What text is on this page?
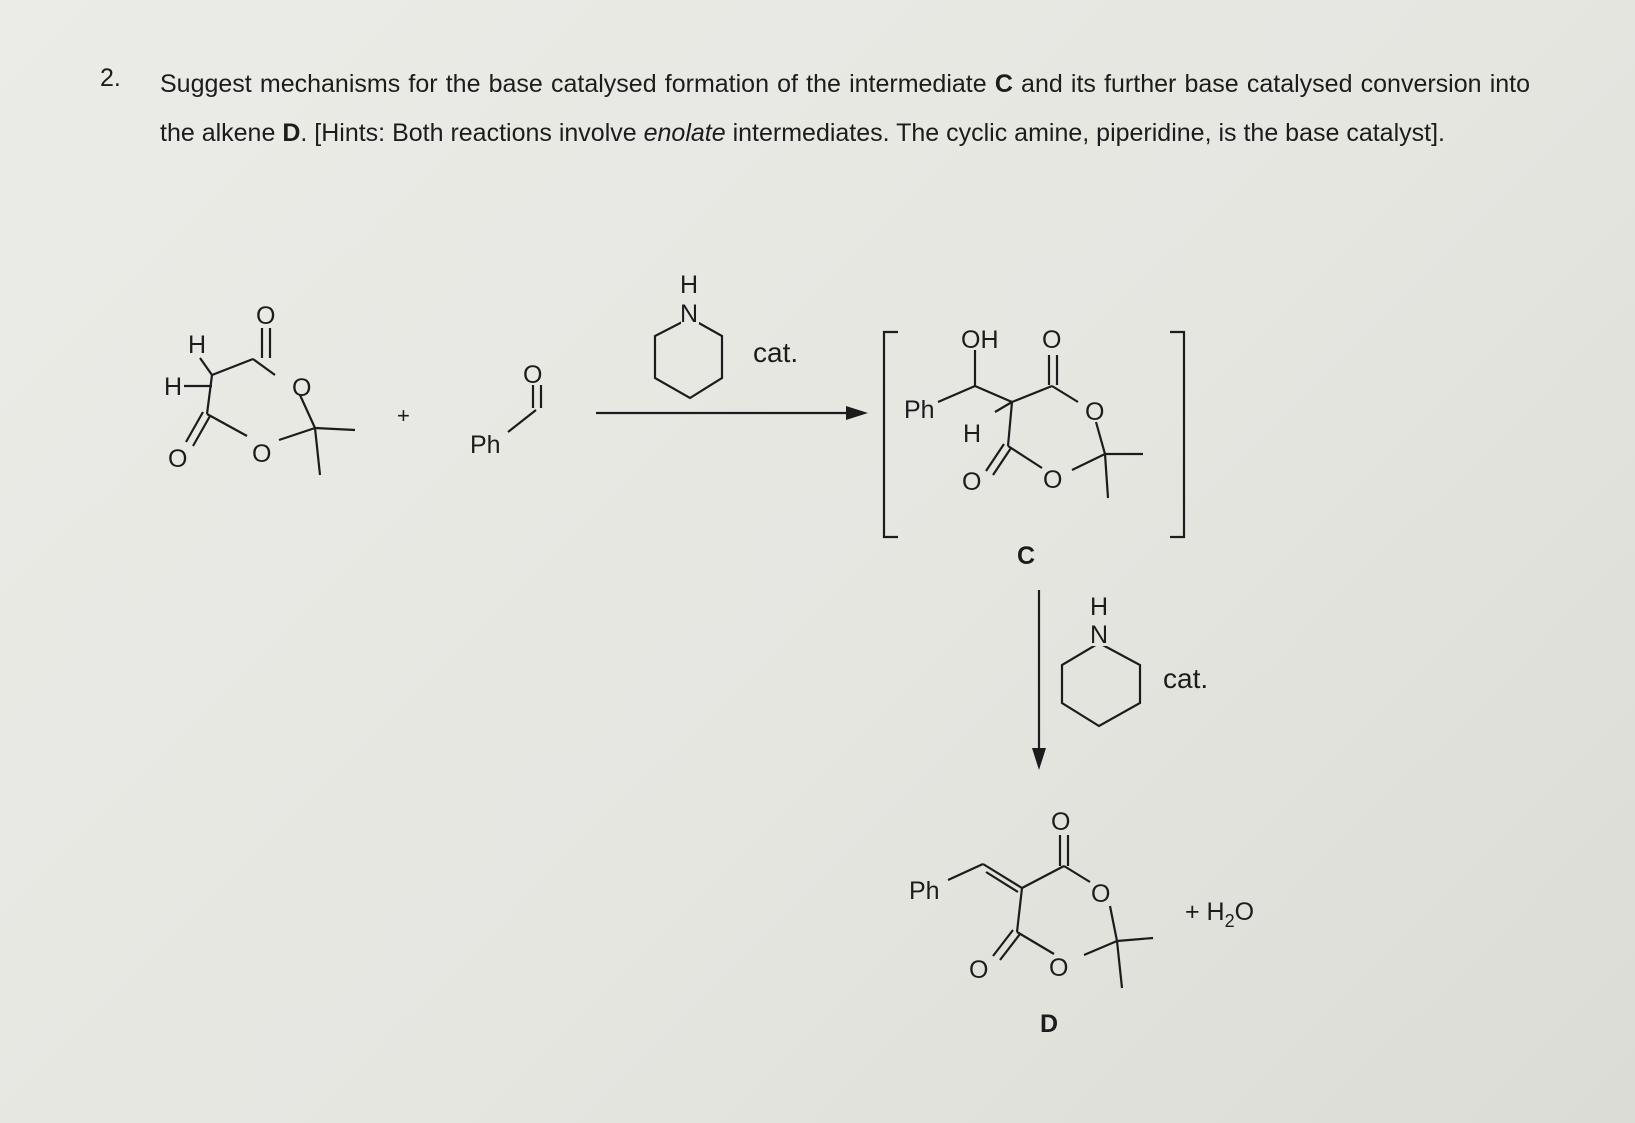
2. Suggest mechanisms for the base catalysed formation of the intermediate C and its further base catalysed conversion into the alkene D. [Hints: Both reactions involve enolate intermediates. The cyclic amine, piperidine, is the base catalyst].
H
H
O
O
O
O
+
Ph
O
N
H
cat.	OH O
Ph
H
O
O
O
C
N
H
cat.
Ph
O
O
O
O
D
+ $H_2O$
